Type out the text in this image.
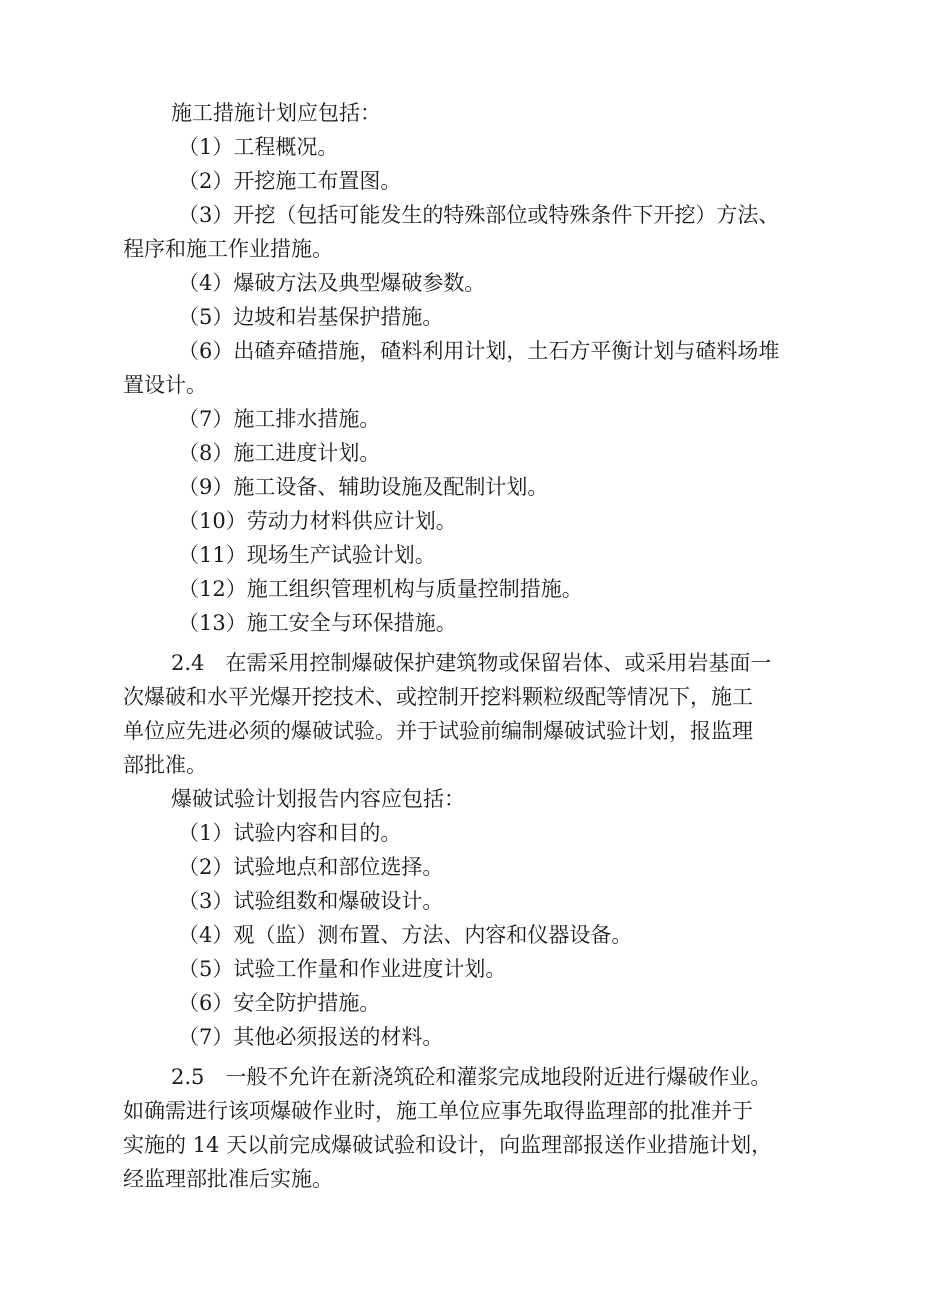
施工措施计划应包括：
（1）工程概况。
（2）开挖施工布置图。
（3）开挖（包括可能发生的特殊部位或特殊条件下开挖）方法、
程序和施工作业措施。
（4）爆破方法及典型爆破参数。
（5）边坡和岩基保护措施。
（6）出碴弃碴措施，碴料利用计划，土石方平衡计划与碴料场堆
置设计。
（7）施工排水措施。
（8）施工进度计划。
（9）施工设备、辅助设施及配制计划。
（10）劳动力材料供应计划。
（11）现场生产试验计划。
（12）施工组织管理机构与质量控制措施。
（13）施工安全与环保措施。
2.4　在需采用控制爆破保护建筑物或保留岩体、或采用岩基面一
次爆破和水平光爆开挖技术、或控制开挖料颗粒级配等情况下，施工
单位应先进必须的爆破试验。并于试验前编制爆破试验计划，报监理
部批准。
爆破试验计划报告内容应包括：
（1）试验内容和目的。
（2）试验地点和部位选择。
（3）试验组数和爆破设计。
（4）观（监）测布置、方法、内容和仪器设备。
（5）试验工作量和作业进度计划。
（6）安全防护措施。
（7）其他必须报送的材料。
2.5　一般不允许在新浇筑砼和灌浆完成地段附近进行爆破作业。
如确需进行该项爆破作业时，施工单位应事先取得监理部的批准并于
实施的 14 天以前完成爆破试验和设计，向监理部报送作业措施计划，
经监理部批准后实施。
